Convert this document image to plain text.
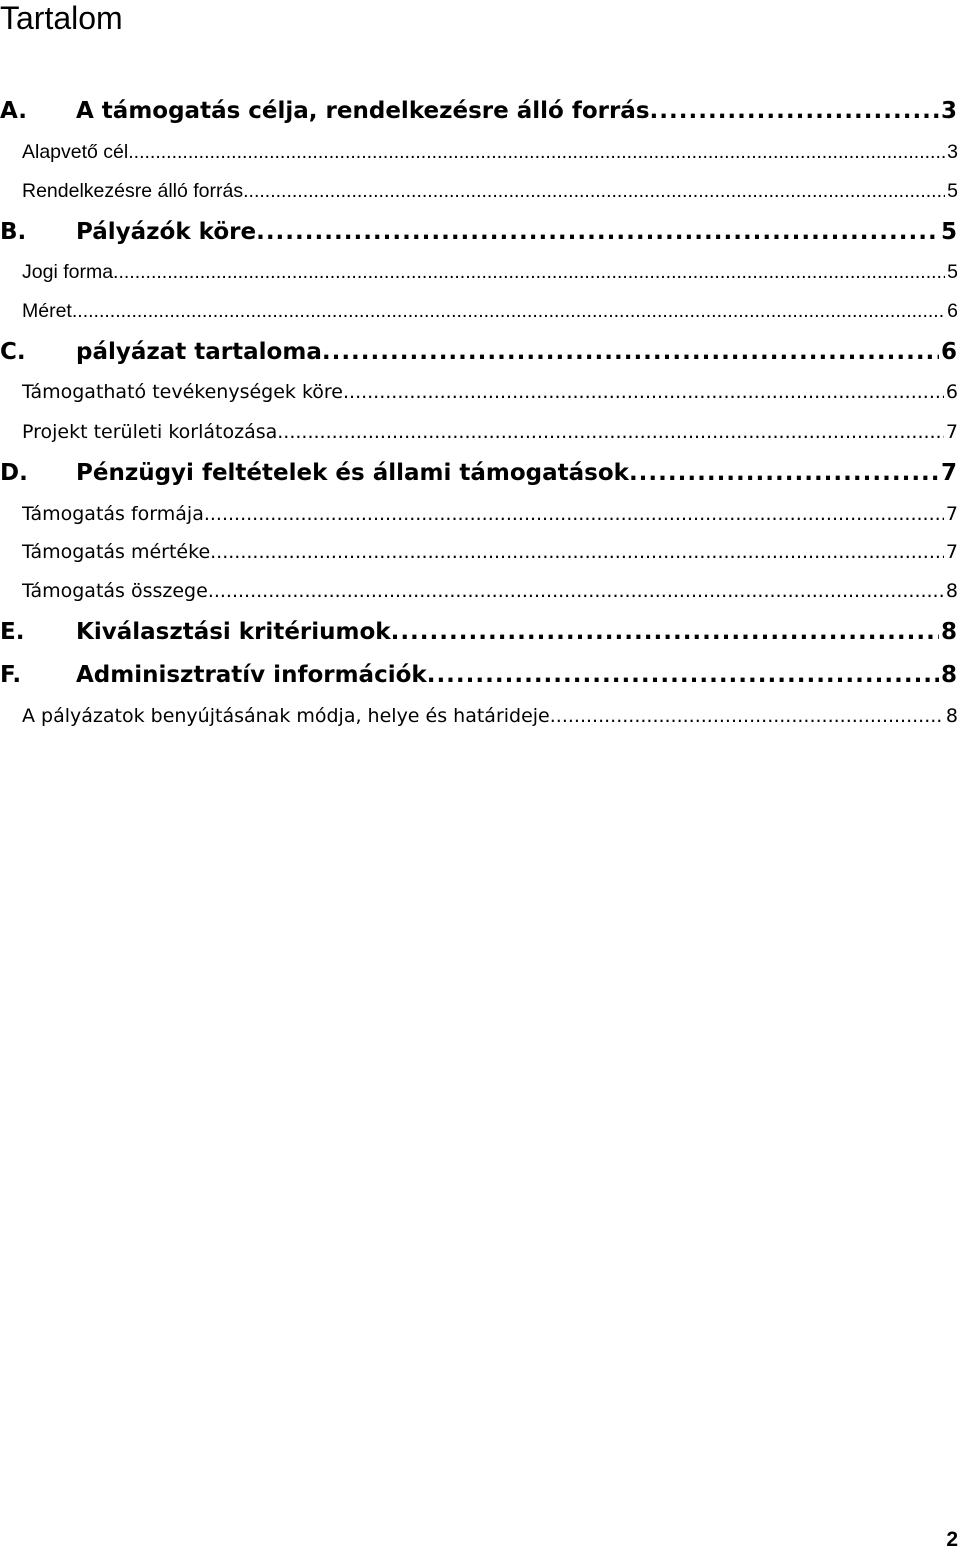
Tartalom
A.	A támogatás célja, rendelkezésre álló forrás .....	3
Alapvető cél .....	3
Rendelkezésre álló forrás .....	5
B.	Pályázók köre .....	5
Jogi forma .....	5
Méret .....	6
C.	pályázat tartaloma .....	6
Támogatható tevékenységek köre .....	6
Projekt területi korlátozása .....	7
D.	Pénzügyi feltételek és állami támogatások .....	7
Támogatás formája .....	7
Támogatás mértéke .....	7
Támogatás összege .....	8
E.	Kiválasztási kritériumok .....	8
F.	Adminisztratív információk .....	8
A pályázatok benyújtásának módja, helye és határideje .....	8
2
